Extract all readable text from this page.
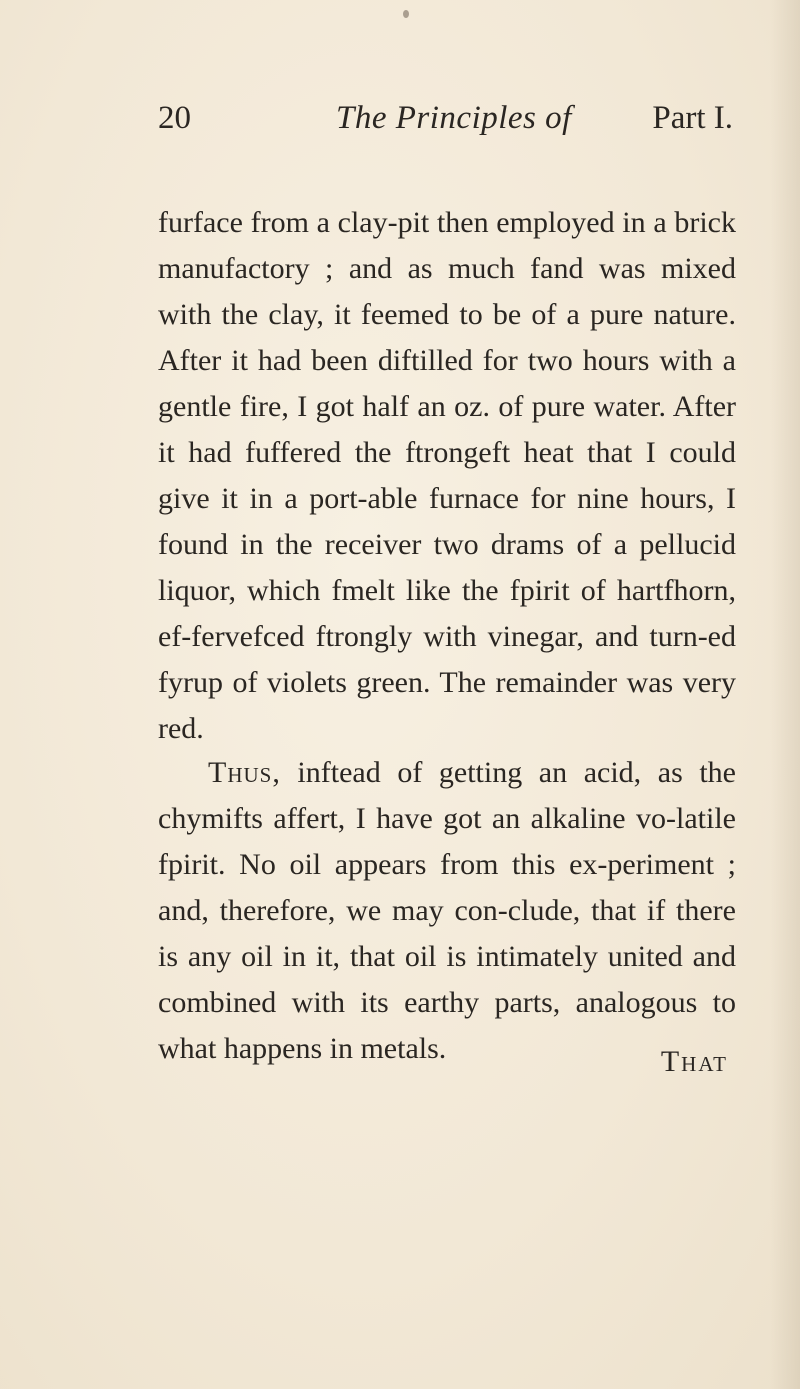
20	The Principles of Part I.

furface from a clay-pit then employed in a brick manufactory ; and as much fand was mixed with the clay, it feemed to be of a pure nature. After it had been diftilled for two hours with a gentle fire, I got half an oz. of pure water. After it had fuffered the ftrongeft heat that I could give it in a port-able furnace for nine hours, I found in the receiver two drams of a pellucid liquor, which fmelt like the fpirit of hartfhorn, ef-fervefced ftrongly with vinegar, and turn-ed fyrup of violets green. The remainder was very red.

Thus, inftead of getting an acid, as the chymifts affert, I have got an alkaline vo-latile fpirit. No oil appears from this ex-periment ; and, therefore, we may con-clude, that if there is any oil in it, that oil is intimately united and combined with its earthy parts, analogous to what happens in metals.	That
